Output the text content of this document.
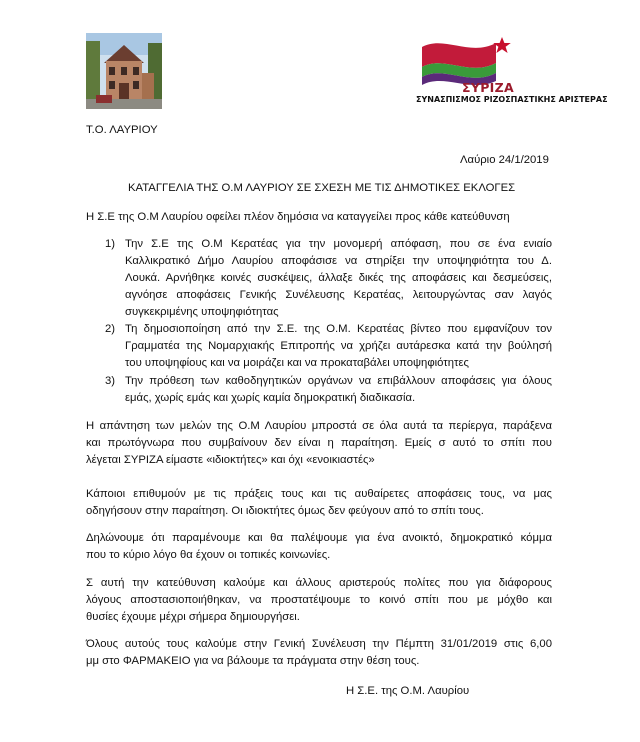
ΣΥΡΙΖΑ
ΣΥΝΑΣΠΙΣΜΟΣ ΡΙΖΟΣΠΑΣΤΙΚΗΣ ΑΡΙΣΤΕΡΑΣ
Τ.Ο. ΛΑΥΡΙΟΥ
Λαύριο 24/1/2019
ΚΑΤΑΓΓΕΛΙΑ ΤΗΣ Ο.Μ ΛΑΥΡΙΟΥ ΣΕ ΣΧΕΣΗ ΜΕ ΤΙΣ ΔΗΜΟΤΙΚΕΣ ΕΚΛΟΓΕΣ
Η Σ.Ε της Ο.Μ Λαυρίου οφείλει πλέον δημόσια να καταγγείλει προς κάθε κατεύθυνση
1) Την Σ.Ε της Ο.Μ Κερατέας για την μονομερή απόφαση, που σε ένα ενιαίο
Καλλικρατικό Δήμο Λαυρίου αποφάσισε να στηρίξει την υποψηφιότητα του Δ.
Λουκά. Αρνήθηκε κοινές συσκέψεις, άλλαξε δικές της αποφάσεις και δεσμεύσεις,
αγνόησε αποφάσεις Γενικής Συνέλευσης Κερατέας, λειτουργώντας σαν λαγός
συγκεκριμένης υποψηφιότητας
2) Τη δημοσιοποίηση από την Σ.Ε. της Ο.Μ. Κερατέας βίντεο που εμφανίζουν τον
Γραμματέα της Νομαρχιακής Επιτροπής να χρήζει αυτάρεσκα κατά την βούλησή
του υποψηφίους και να μοιράζει και να προκαταβάλει υποψηφιότητες
3) Την πρόθεση των καθοδηγητικών οργάνων να επιβάλλουν αποφάσεις για όλους
εμάς, χωρίς εμάς και χωρίς καμία δημοκρατική διαδικασία.
Η απάντηση των μελών της Ο.Μ Λαυρίου μπροστά σε όλα αυτά τα περίεργα, παράξενα
και πρωτόγνωρα που συμβαίνουν δεν είναι η παραίτηση. Εμείς σ αυτό το σπίτι που
λέγεται ΣΥΡΙΖΑ είμαστε «ιδιοκτήτες» και όχι «ενοικιαστές»
Κάποιοι επιθυμούν με τις πράξεις τους και τις αυθαίρετες αποφάσεις τους, να μας
οδηγήσουν στην παραίτηση. Οι ιδιοκτήτες όμως δεν φεύγουν από το σπίτι τους.
Δηλώνουμε ότι παραμένουμε και θα παλέψουμε για ένα ανοικτό, δημοκρατικό κόμμα
που το κύριο λόγο θα έχουν οι τοπικές κοινωνίες.
Σ αυτή την κατεύθυνση καλούμε και άλλους αριστερούς πολίτες που για διάφορους
λόγους αποστασιοποιήθηκαν, να προστατέψουμε το κοινό σπίτι που με μόχθο και
θυσίες έχουμε μέχρι σήμερα δημιουργήσει.
Όλους αυτούς τους καλούμε στην Γενική Συνέλευση την Πέμπτη 31/01/2019 στις 6,00
μμ στο ΦΑΡΜΑΚΕΙΟ για να βάλουμε τα πράγματα στην θέση τους.
Η Σ.Ε. της Ο.Μ. Λαυρίου
